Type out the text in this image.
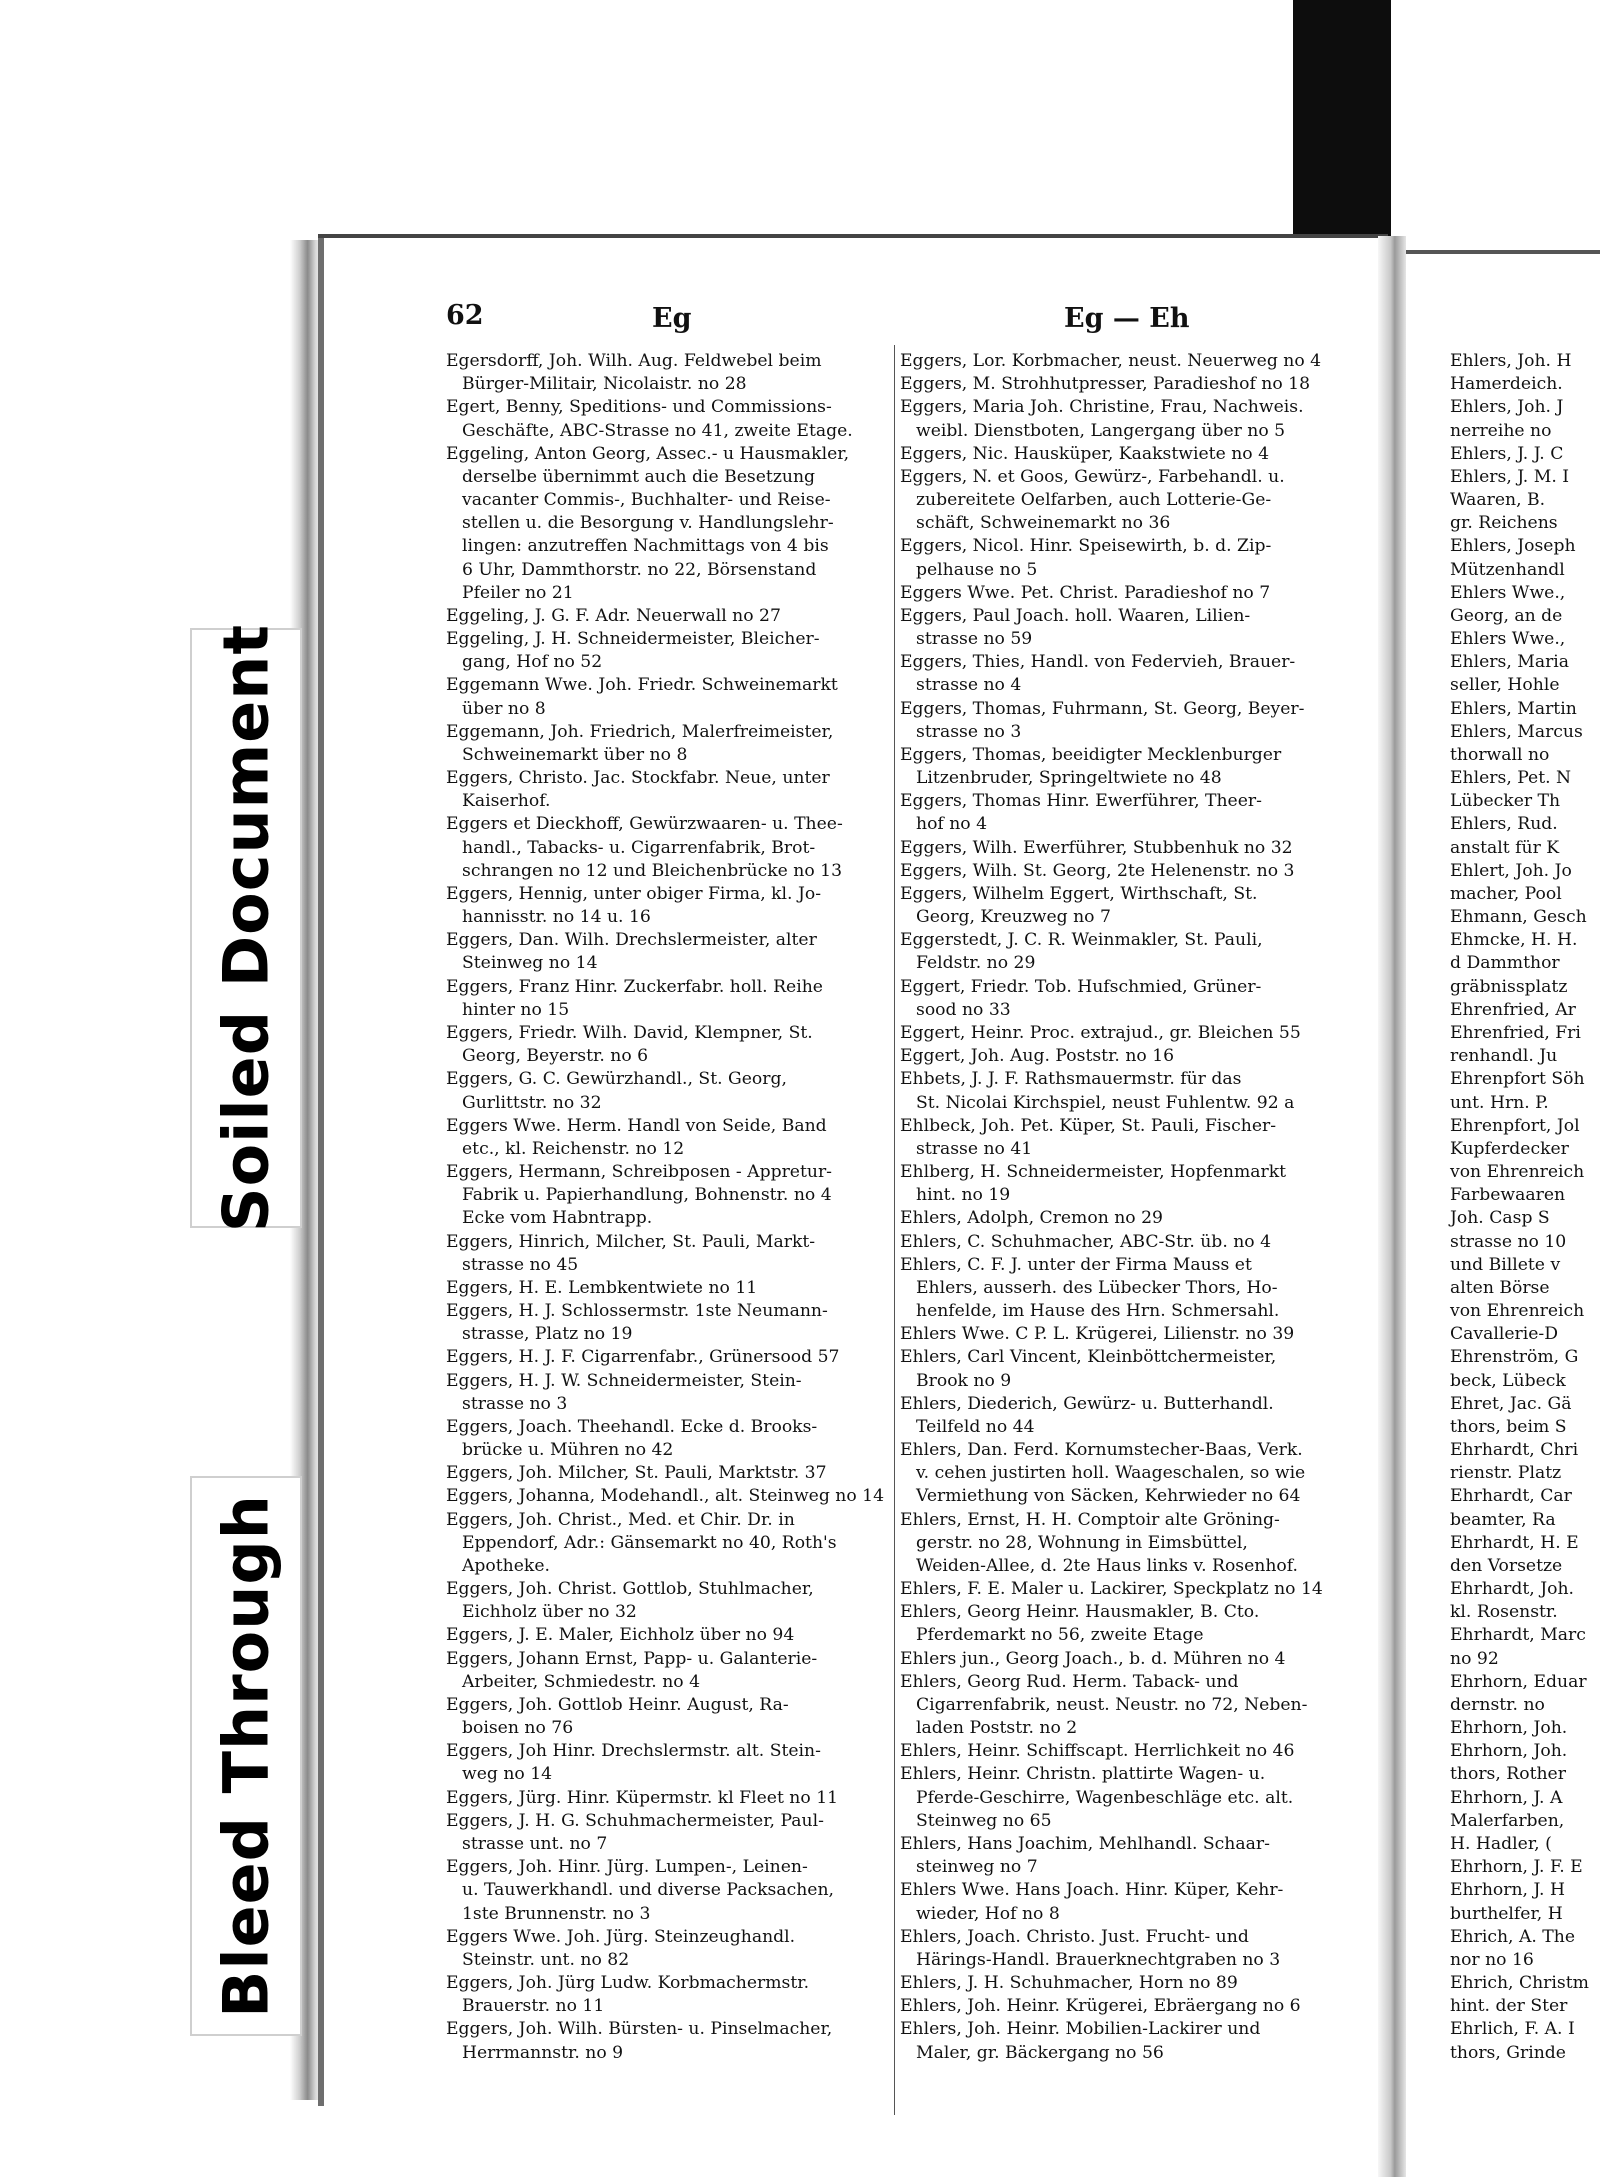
Soiled Document
Bleed Through
62	Eg	Eg — Eh
Egersdorff, Joh. Wilh. Aug. Feldwebel beim
Bürger-Militair, Nicolaistr. no 28
Egert, Benny, Speditions- und Commissions-
Geschäfte, ABC-Strasse no 41, zweite Etage.
Eggeling, Anton Georg, Assec.- u Hausmakler,
derselbe übernimmt auch die Besetzung
vacanter Commis-, Buchhalter- und Reise-
stellen u. die Besorgung v. Handlungslehr-
lingen: anzutreffen Nachmittags von 4 bis
6 Uhr, Dammthorstr. no 22, Börsenstand
Pfeiler no 21
Eggeling, J. G. F. Adr. Neuerwall no 27
Eggeling, J. H. Schneidermeister, Bleicher-
gang, Hof no 52
Eggemann Wwe. Joh. Friedr. Schweinemarkt
über no 8
Eggemann, Joh. Friedrich, Malerfreimeister,
Schweinemarkt über no 8
Eggers, Christo. Jac. Stockfabr. Neue, unter
Kaiserhof.
Eggers et Dieckhoff, Gewürzwaaren- u. Thee-
handl., Tabacks- u. Cigarrenfabrik, Brot-
schrangen no 12 und Bleichenbrücke no 13
Eggers, Hennig, unter obiger Firma, kl. Jo-
hannisstr. no 14 u. 16
Eggers, Dan. Wilh. Drechslermeister, alter
Steinweg no 14
Eggers, Franz Hinr. Zuckerfabr. holl. Reihe
hinter no 15
Eggers, Friedr. Wilh. David, Klempner, St.
Georg, Beyerstr. no 6
Eggers, G. C. Gewürzhandl., St. Georg,
Gurlittstr. no 32
Eggers Wwe. Herm. Handl von Seide, Band
etc., kl. Reichenstr. no 12
Eggers, Hermann, Schreibposen - Appretur-
Fabrik u. Papierhandlung, Bohnenstr. no 4
Ecke vom Habntrapp.
Eggers, Hinrich, Milcher, St. Pauli, Markt-
strasse no 45
Eggers, H. E. Lembkentwiete no 11
Eggers, H. J. Schlossermstr. 1ste Neumann-
strasse, Platz no 19
Eggers, H. J. F. Cigarrenfabr., Grünersood 57
Eggers, H. J. W. Schneidermeister, Stein-
strasse no 3
Eggers, Joach. Theehandl. Ecke d. Brooks-
brücke u. Mühren no 42
Eggers, Joh. Milcher, St. Pauli, Marktstr. 37
Eggers, Johanna, Modehandl., alt. Steinweg no 14
Eggers, Joh. Christ., Med. et Chir. Dr. in
Eppendorf, Adr.: Gänsemarkt no 40, Roth's
Apotheke.
Eggers, Joh. Christ. Gottlob, Stuhlmacher,
Eichholz über no 32
Eggers, J. E. Maler, Eichholz über no 94
Eggers, Johann Ernst, Papp- u. Galanterie-
Arbeiter, Schmiedestr. no 4
Eggers, Joh. Gottlob Heinr. August, Ra-
boisen no 76
Eggers, Joh Hinr. Drechslermstr. alt. Stein-
weg no 14
Eggers, Jürg. Hinr. Küpermstr. kl Fleet no 11
Eggers, J. H. G. Schuhmachermeister, Paul-
strasse unt. no 7
Eggers, Joh. Hinr. Jürg. Lumpen-, Leinen-
u. Tauwerkhandl. und diverse Packsachen,
1ste Brunnenstr. no 3
Eggers Wwe. Joh. Jürg. Steinzeughandl.
Steinstr. unt. no 82
Eggers, Joh. Jürg Ludw. Korbmachermstr.
Brauerstr. no 11
Eggers, Joh. Wilh. Bürsten- u. Pinselmacher,
Herrmannstr. no 9
Eggers, Lor. Korbmacher, neust. Neuerweg no 4
Eggers, M. Strohhutpresser, Paradieshof no 18
Eggers, Maria Joh. Christine, Frau, Nachweis.
weibl. Dienstboten, Langergang über no 5
Eggers, Nic. Hausküper, Kaakstwiete no 4
Eggers, N. et Goos, Gewürz-, Farbehandl. u.
zubereitete Oelfarben, auch Lotterie-Ge-
schäft, Schweinemarkt no 36
Eggers, Nicol. Hinr. Speisewirth, b. d. Zip-
pelhause no 5
Eggers Wwe. Pet. Christ. Paradieshof no 7
Eggers, Paul Joach. holl. Waaren, Lilien-
strasse no 59
Eggers, Thies, Handl. von Federvieh, Brauer-
strasse no 4
Eggers, Thomas, Fuhrmann, St. Georg, Beyer-
strasse no 3
Eggers, Thomas, beeidigter Mecklenburger
Litzenbruder, Springeltwiete no 48
Eggers, Thomas Hinr. Ewerführer, Theer-
hof no 4
Eggers, Wilh. Ewerführer, Stubbenhuk no 32
Eggers, Wilh. St. Georg, 2te Helenenstr. no 3
Eggers, Wilhelm Eggert, Wirthschaft, St.
Georg, Kreuzweg no 7
Eggerstedt, J. C. R. Weinmakler, St. Pauli,
Feldstr. no 29
Eggert, Friedr. Tob. Hufschmied, Grüner-
sood no 33
Eggert, Heinr. Proc. extrajud., gr. Bleichen 55
Eggert, Joh. Aug. Poststr. no 16
Ehbets, J. J. F. Rathsmauermstr. für das
St. Nicolai Kirchspiel, neust Fuhlentw. 92 a
Ehlbeck, Joh. Pet. Küper, St. Pauli, Fischer-
strasse no 41
Ehlberg, H. Schneidermeister, Hopfenmarkt
hint. no 19
Ehlers, Adolph, Cremon no 29
Ehlers, C. Schuhmacher, ABC-Str. üb. no 4
Ehlers, C. F. J. unter der Firma Mauss et
Ehlers, ausserh. des Lübecker Thors, Ho-
henfelde, im Hause des Hrn. Schmersahl.
Ehlers Wwe. C P. L. Krügerei, Lilienstr. no 39
Ehlers, Carl Vincent, Kleinböttchermeister,
Brook no 9
Ehlers, Diederich, Gewürz- u. Butterhandl.
Teilfeld no 44
Ehlers, Dan. Ferd. Kornumstecher-Baas, Verk.
v. cehen justirten holl. Waageschalen, so wie
Vermiethung von Säcken, Kehrwieder no 64
Ehlers, Ernst, H. H. Comptoir alte Gröning-
gerstr. no 28, Wohnung in Eimsbüttel,
Weiden-Allee, d. 2te Haus links v. Rosenhof.
Ehlers, F. E. Maler u. Lackirer, Speckplatz no 14
Ehlers, Georg Heinr. Hausmakler, B. Cto.
Pferdemarkt no 56, zweite Etage
Ehlers jun., Georg Joach., b. d. Mühren no 4
Ehlers, Georg Rud. Herm. Taback- und
Cigarrenfabrik, neust. Neustr. no 72, Neben-
laden Poststr. no 2
Ehlers, Heinr. Schiffscapt. Herrlichkeit no 46
Ehlers, Heinr. Christn. plattirte Wagen- u.
Pferde-Geschirre, Wagenbeschläge etc. alt.
Steinweg no 65
Ehlers, Hans Joachim, Mehlhandl. Schaar-
steinweg no 7
Ehlers Wwe. Hans Joach. Hinr. Küper, Kehr-
wieder, Hof no 8
Ehlers, Joach. Christo. Just. Frucht- und
Härings-Handl. Brauerknechtgraben no 3
Ehlers, J. H. Schuhmacher, Horn no 89
Ehlers, Joh. Heinr. Krügerei, Ebräergang no 6
Ehlers, Joh. Heinr. Mobilien-Lackirer und
Maler, gr. Bäckergang no 56
Ehlers, Joh. H
Hamerdeich.
Ehlers, Joh. J
nerreihe no
Ehlers, J. J. C
Ehlers, J. M. I
Waaren, B.
gr. Reichens
Ehlers, Joseph
Mützenhandl
Ehlers Wwe.,
Georg, an de
Ehlers Wwe.,
Ehlers, Maria
seller, Hohle
Ehlers, Martin
Ehlers, Marcus
thorwall no
Ehlers, Pet. N
Lübecker Th
Ehlers, Rud.
anstalt für K
Ehlert, Joh. Jo
macher, Pool
Ehmann, Gesch
Ehmcke, H. H.
d Dammthor
gräbnissplatz
Ehrenfried, Ar
Ehrenfried, Fri
renhandl. Ju
Ehrenpfort Söh
unt. Hrn. P.
Ehrenpfort, Jol
Kupferdecker
von Ehrenreich
Farbewaaren
Joh. Casp S
strasse no 10
und Billete v
alten Börse
von Ehrenreich
Cavallerie-D
Ehrenström, G
beck, Lübeck
Ehret, Jac. Gä
thors, beim S
Ehrhardt, Chri
rienstr. Platz
Ehrhardt, Car
beamter, Ra
Ehrhardt, H. E
den Vorsetze
Ehrhardt, Joh.
kl. Rosenstr.
Ehrhardt, Marc
no 92
Ehrhorn, Eduar
dernstr. no
Ehrhorn, Joh.
Ehrhorn, Joh.
thors, Rother
Ehrhorn, J. A
Malerfarben,
H. Hadler, (
Ehrhorn, J. F. E
Ehrhorn, J. H
burthelfer, H
Ehrich, A. The
nor no 16
Ehrich, Christm
hint. der Ster
Ehrlich, F. A. I
thors, Grinde
